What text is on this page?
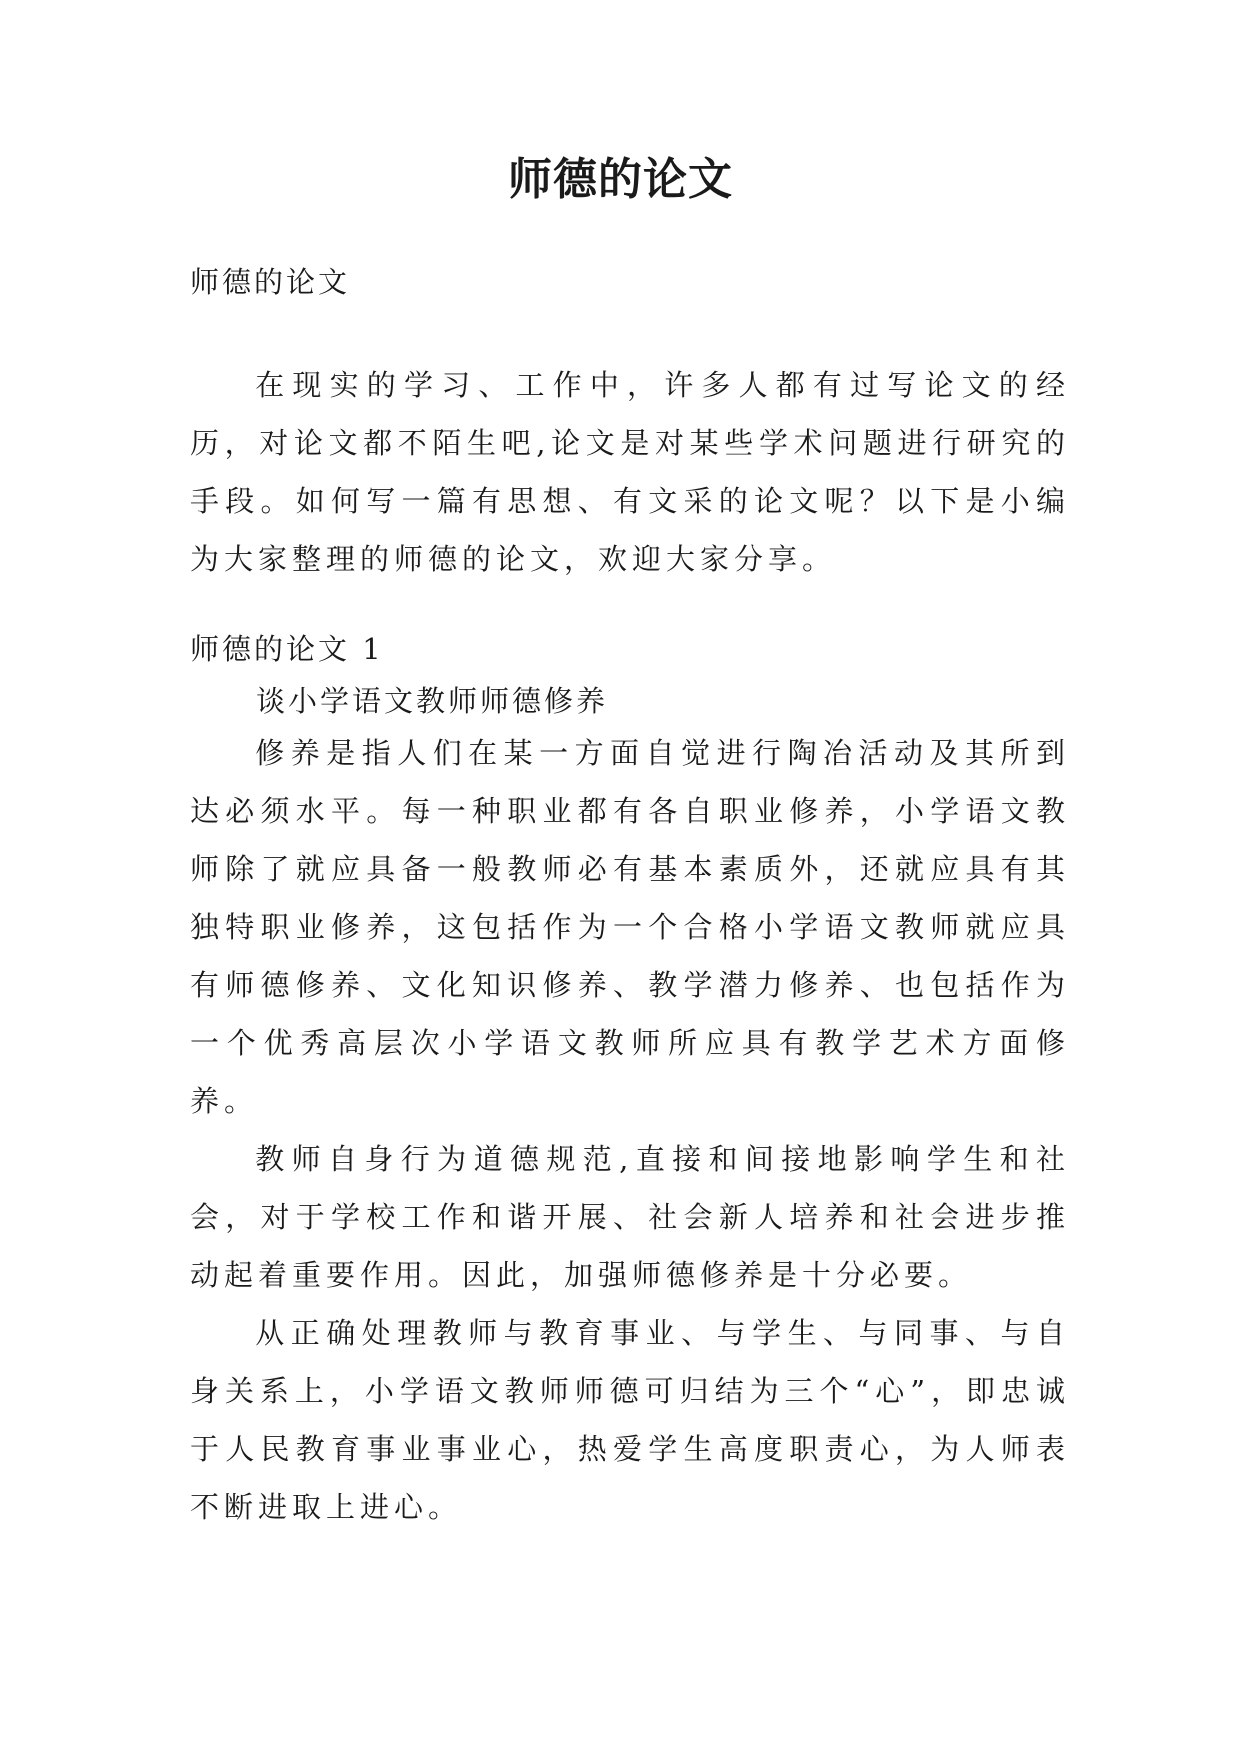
师德的论文
师德的论文

在现实的学习、工作中，许多人都有过写论文的经历，对论文都不陌生吧,论文是对某些学术问题进行研究的手段。如何写一篇有思想、有文采的论文呢？以下是小编为大家整理的师德的论文，欢迎大家分享。

师德的论文 1
谈小学语文教师师德修养

修养是指人们在某一方面自觉进行陶冶活动及其所到达必须水平。每一种职业都有各自职业修养，小学语文教师除了就应具备一般教师必有基本素质外，还就应具有其独特职业修养，这包括作为一个合格小学语文教师就应具有师德修养、文化知识修养、教学潜力修养、也包括作为一个优秀高层次小学语文教师所应具有教学艺术方面修养。

教师自身行为道德规范,直接和间接地影响学生和社会，对于学校工作和谐开展、社会新人培养和社会进步推动起着重要作用。因此，加强师德修养是十分必要。

从正确处理教师与教育事业、与学生、与同事、与自身关系上，小学语文教师师德可归结为三个“心”，即忠诚于人民教育事业事业心，热爱学生高度职责心，为人师表不断进取上进心。
